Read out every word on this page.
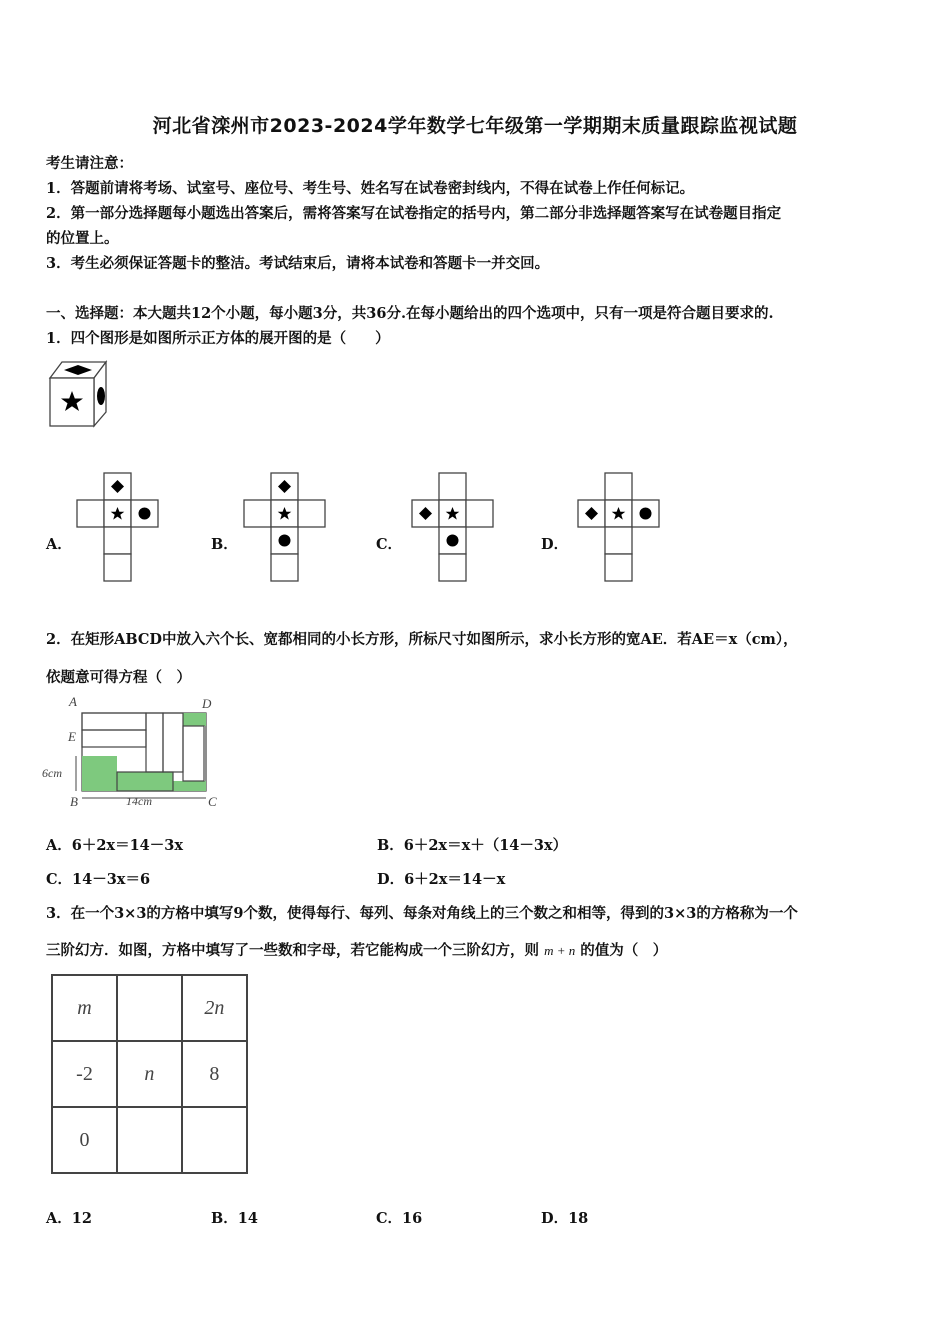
河北省滦州市2023-2024学年数学七年级第一学期期末质量跟踪监视试题
考生请注意：
1．答题前请将考场、试室号、座位号、考生号、姓名写在试卷密封线内，不得在试卷上作任何标记。
2．第一部分选择题每小题选出答案后，需将答案写在试卷指定的括号内，第二部分非选择题答案写在试卷题目指定
的位置上。
3．考生必须保证答题卡的整洁。考试结束后，请将本试卷和答题卡一并交回。
一、选择题：本大题共12个小题，每小题3分，共36分.在每小题给出的四个选项中，只有一项是符合题目要求的.
1．四个图形是如图所示正方体的展开图的是（　　）
A．	B．	C．	D．
2．在矩形ABCD中放入六个长、宽都相同的小长方形，所标尺寸如图所示，求小长方形的宽AE．若AE＝x（cm），
依题意可得方程（　）
A	D
E
6cm
B	14cm	C
A．6＋2x＝14－3x	B．6＋2x＝x＋（14－3x）
C．14－3x＝6	D．6＋2x＝14－x
3．在一个3×3的方格中填写9个数，使得每行、每列、每条对角线上的三个数之和相等，得到的3×3的方格称为一个
三阶幻方．如图，方格中填写了一些数和字母，若它能构成一个三阶幻方，则 m + n 的值为（　）
m		2n
-2	n	8
0		
A．12	B．14	C．16	D．18
